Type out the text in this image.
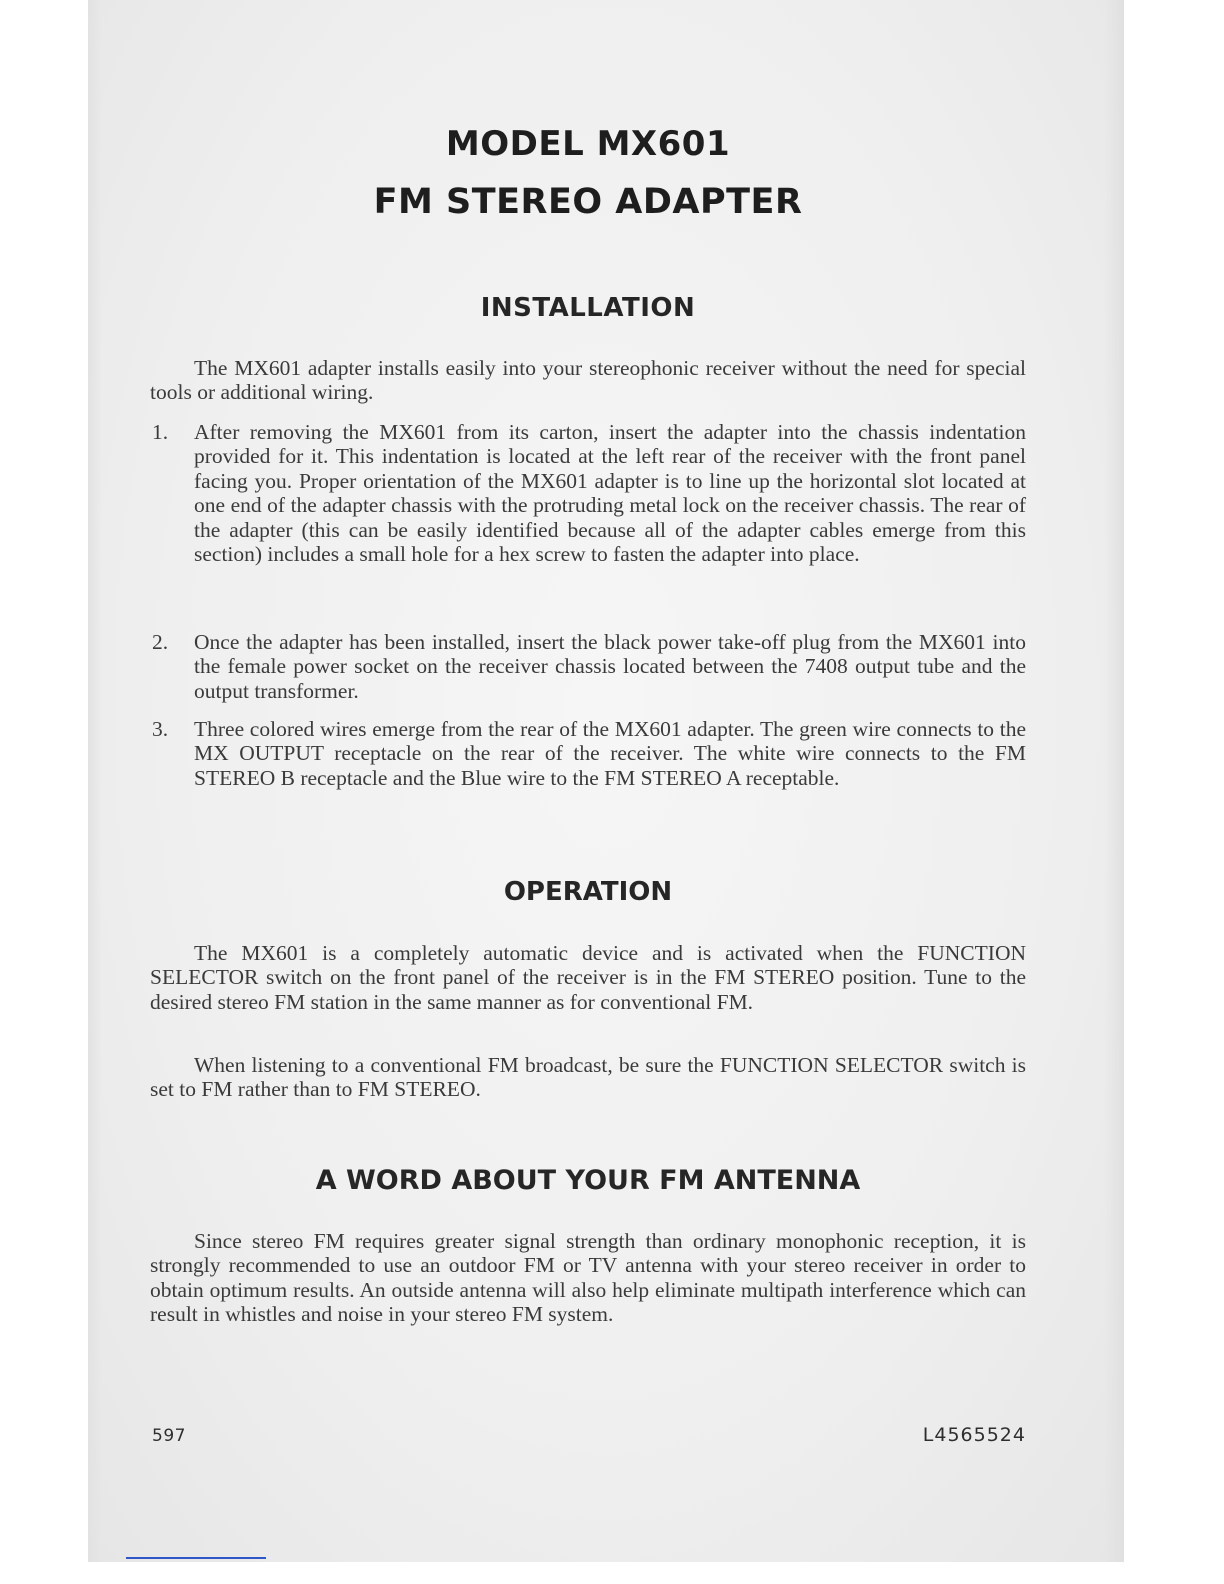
MODEL MX601
FM STEREO ADAPTER
INSTALLATION

The MX601 adapter installs easily into your stereophonic receiver without the need for special tools or additional wiring.

1. After removing the MX601 from its carton, insert the adapter into the chassis indentation provided for it. This indentation is located at the left rear of the receiver with the front panel facing you. Proper orientation of the MX601 adapter is to line up the horizontal slot located at one end of the adapter chassis with the protruding metal lock on the receiver chassis. The rear of the adapter (this can be easily identified because all of the adapter cables emerge from this section) includes a small hole for a hex screw to fasten the adapter into place.

2. Once the adapter has been installed, insert the black power take-off plug from the MX601 into the female power socket on the receiver chassis located between the 7408 output tube and the output transformer.

3. Three colored wires emerge from the rear of the MX601 adapter. The green wire connects to the MX OUTPUT receptacle on the rear of the receiver. The white wire connects to the FM STEREO B receptacle and the Blue wire to the FM STEREO A receptable.

OPERATION

The MX601 is a completely automatic device and is activated when the FUNCTION SELECTOR switch on the front panel of the receiver is in the FM STEREO position. Tune to the desired stereo FM station in the same manner as for conventional FM.

When listening to a conventional FM broadcast, be sure the FUNCTION SELECTOR switch is set to FM rather than to FM STEREO.

A WORD ABOUT YOUR FM ANTENNA

Since stereo FM requires greater signal strength than ordinary monophonic reception, it is strongly recommended to use an outdoor FM or TV antenna with your stereo receiver in order to obtain optimum results. An outside antenna will also help eliminate multipath interference which can result in whistles and noise in your stereo FM system.

597	L4565524
